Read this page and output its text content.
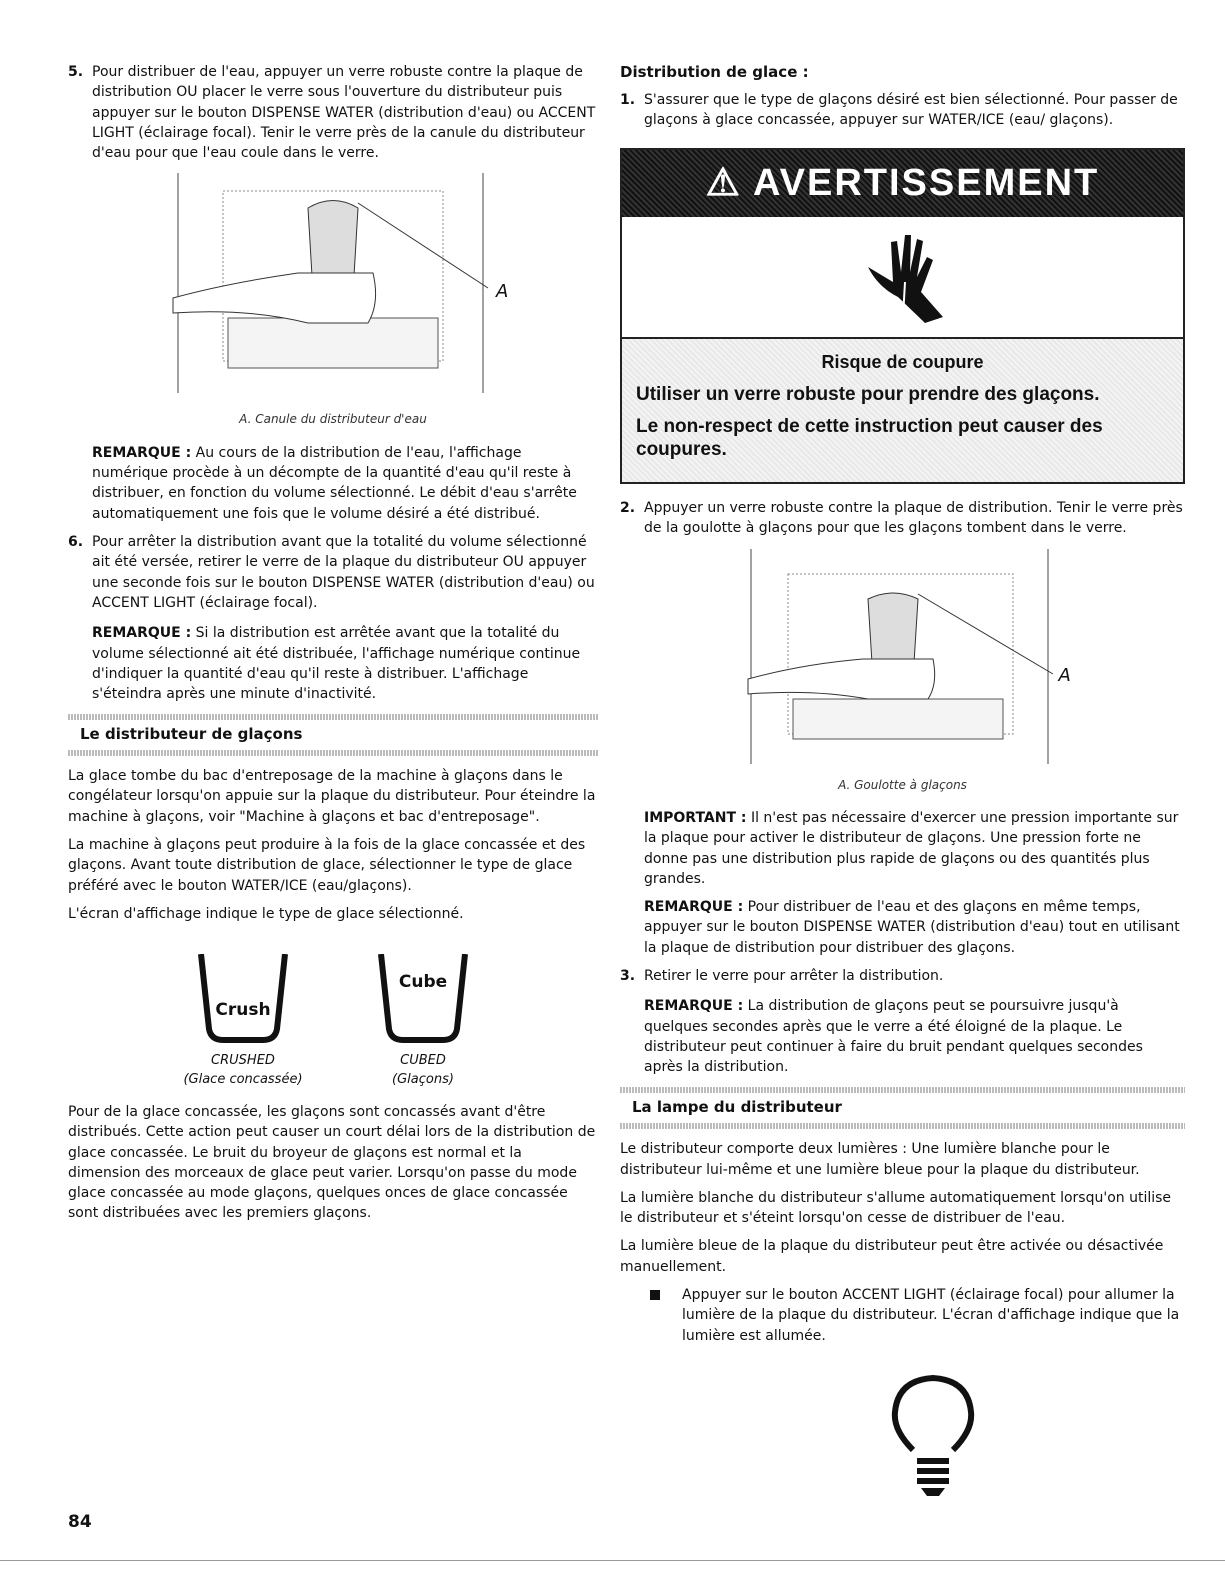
5. Pour distribuer de l'eau, appuyer un verre robuste contre la plaque de distribution OU placer le verre sous l'ouverture du distributeur puis appuyer sur le bouton DISPENSE WATER (distribution d'eau) ou ACCENT LIGHT (éclairage focal). Tenir le verre près de la canule du distributeur d'eau pour que l'eau coule dans le verre.
A
A. Canule du distributeur d'eau

REMARQUE : Au cours de la distribution de l'eau, l'affichage numérique procède à un décompte de la quantité d'eau qu'il reste à distribuer, en fonction du volume sélectionné. Le débit d'eau s'arrête automatiquement une fois que le volume désiré a été distribué.

6. Pour arrêter la distribution avant que la totalité du volume sélectionné ait été versée, retirer le verre de la plaque du distributeur OU appuyer une seconde fois sur le bouton DISPENSE WATER (distribution d'eau) ou ACCENT LIGHT (éclairage focal).

REMARQUE : Si la distribution est arrêtée avant que la totalité du volume sélectionné ait été distribuée, l'affichage numérique continue d'indiquer la quantité d'eau qu'il reste à distribuer. L'affichage s'éteindra après une minute d'inactivité.

Le distributeur de glaçons

La glace tombe du bac d'entreposage de la machine à glaçons dans le congélateur lorsqu'on appuie sur la plaque du distributeur. Pour éteindre la machine à glaçons, voir "Machine à glaçons et bac d'entreposage".

La machine à glaçons peut produire à la fois de la glace concassée et des glaçons. Avant toute distribution de glace, sélectionner le type de glace préféré avec le bouton WATER/ICE (eau/glaçons).

L'écran d'affichage indique le type de glace sélectionné.

Crush
CRUSHED
(Glace concassée)
Cube
CUBED
(Glaçons)

Pour de la glace concassée, les glaçons sont concassés avant d'être distribués. Cette action peut causer un court délai lors de la distribution de glace concassée. Le bruit du broyeur de glaçons est normal et la dimension des morceaux de glace peut varier. Lorsqu'on passe du mode glace concassée au mode glaçons, quelques onces de glace concassée sont distribuées avec les premiers glaçons.

Distribution de glace :
1. S'assurer que le type de glaçons désiré est bien sélectionné. Pour passer de glaçons à glace concassée, appuyer sur WATER/ICE (eau/ glaçons).
⚠ AVERTISSEMENT
Risque de coupure
Utiliser un verre robuste pour prendre des glaçons.
Le non-respect de cette instruction peut causer des coupures.
2. Appuyer un verre robuste contre la plaque de distribution. Tenir le verre près de la goulotte à glaçons pour que les glaçons tombent dans le verre.
A
A. Goulotte à glaçons

IMPORTANT : Il n'est pas nécessaire d'exercer une pression importante sur la plaque pour activer le distributeur de glaçons. Une pression forte ne donne pas une distribution plus rapide de glaçons ou des quantités plus grandes.

REMARQUE : Pour distribuer de l'eau et des glaçons en même temps, appuyer sur le bouton DISPENSE WATER (distribution d'eau) tout en utilisant la plaque de distribution pour distribuer des glaçons.

3. Retirer le verre pour arrêter la distribution.

REMARQUE : La distribution de glaçons peut se poursuivre jusqu'à quelques secondes après que le verre a été éloigné de la plaque. Le distributeur peut continuer à faire du bruit pendant quelques secondes après la distribution.

La lampe du distributeur

Le distributeur comporte deux lumières : Une lumière blanche pour le distributeur lui-même et une lumière bleue pour la plaque du distributeur.

La lumière blanche du distributeur s'allume automatiquement lorsqu'on utilise le distributeur et s'éteint lorsqu'on cesse de distribuer de l'eau.

La lumière bleue de la plaque du distributeur peut être activée ou désactivée manuellement.

Appuyer sur le bouton ACCENT LIGHT (éclairage focal) pour allumer la lumière de la plaque du distributeur. L'écran d'affichage indique que la lumière est allumée.
84
